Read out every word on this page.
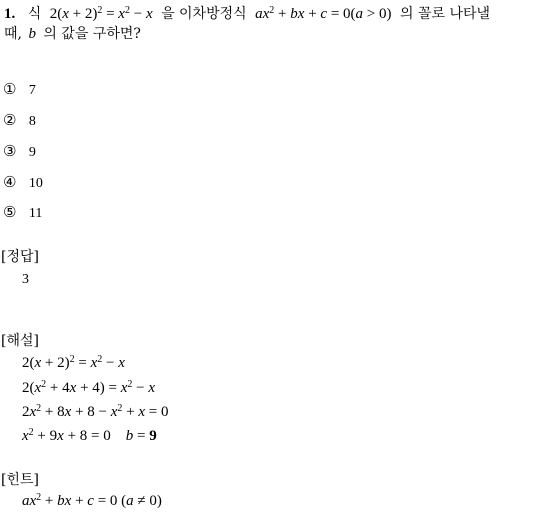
1. 식 $2(x + 2)^2 = x^2 - x$ 을 이차방정식 $ax^2$ + bx + c = 0(a > 0) 의 꼴로 나타낼
때, b 의 값을 구하면?
① 7
② 8
③ 9
④ 10
⑤ 11
[정답]
3
[해설]
$2(x + 2)^2 = x^2 - x$
$2(x^2 + 4x + 4) = x^2 - x$
$2x^2 + 8x + 8 - x^2 + x = 0$
$x^2 + 9x + 8 = 0$    b = 9
[힌트]
$ax^2$ + bx + c = 0 (a ≠ 0)
